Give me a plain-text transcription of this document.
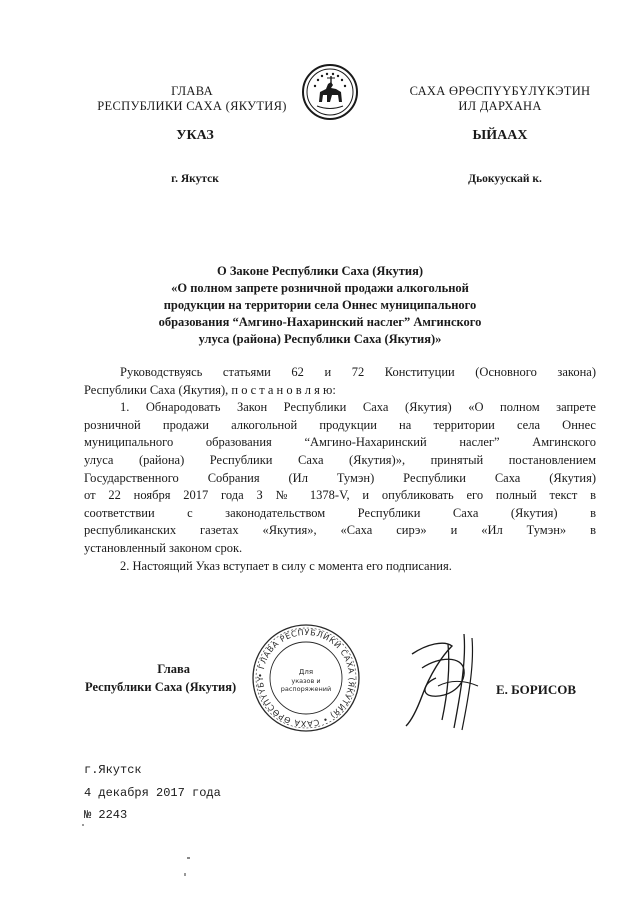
ГЛАВА
РЕСПУБЛИКИ САХА (ЯКУТИЯ)
САХА ӨРӨСПҮҮБҮЛҮКЭТИН
ИЛ ДАРХАНА
УКАЗ	ЫЙААХ
г. Якутск	Дьокуускай к.
О Законе Республики Саха (Якутия)
«О полном запрете розничной продажи алкогольной
продукции на территории села Оннес муниципального
образования “Амгино-Нахаринский наслег” Амгинского
улуса (района) Республики Саха (Якутия)»
Руководствуясь статьями 62 и 72 Конституции (Основного закона)
Республики Саха (Якутия), п о с т а н о в л я ю:
1. Обнародовать Закон Республики Саха (Якутия) «О полном запрете
розничной продажи алкогольной продукции на территории села Оннес
муниципального образования “Амгино-Нахаринский наслег” Амгинского
улуса (района) Республики Саха (Якутия)», принятый постановлением
Государственного Собрания (Ил Тумэн) Республики Саха (Якутия)
от 22 ноября 2017 года З № 1378-V, и опубликовать его полный текст в
соответствии с законодательством Республики Саха (Якутия) в
республиканских газетах «Якутия», «Саха сирэ» и «Ил Тумэн» в
установленный законом срок.
2. Настоящий Указ вступает в силу с момента его подписания.
Глава
Республики Саха (Якутия)
• ГЛАВА РЕСПУБЛИКИ САХА (ЯКУТИЯ) • САХА ӨРӨСПҮҮБҮ
Для
указов и
распоряжений	Е. БОРИСОВ
г.Якутск
4 декабря 2017 года
№ 2243
